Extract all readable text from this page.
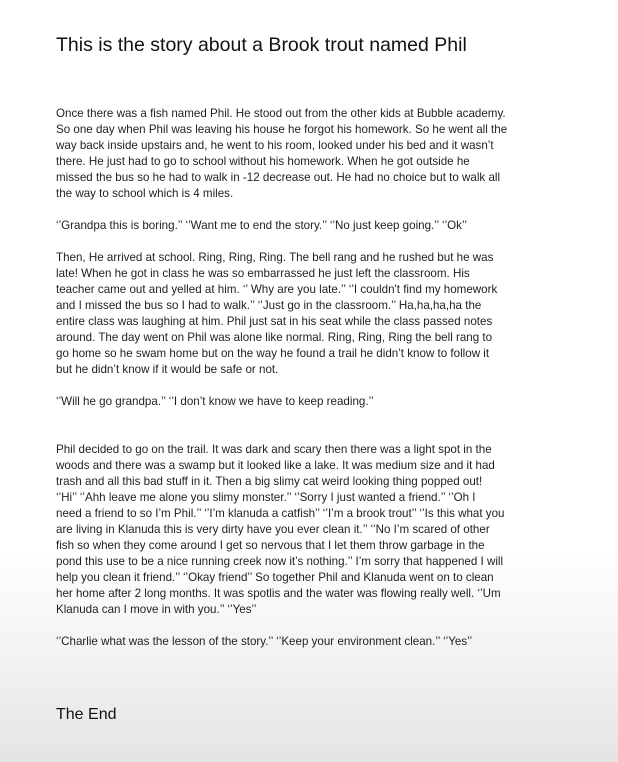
This is the story about a Brook trout named Phil

Once there was a fish named Phil. He stood out from the other kids at Bubble academy.
So one day when Phil was leaving his house he forgot his homework. So he went all the
way back inside upstairs and, he went to his room, looked under his bed and it wasn’t
there. He just had to go to school without his homework. When he got outside he
missed the bus so he had to walk in -12 decrease out. He had no choice but to walk all
the way to school which is 4 miles.

‘’Grandpa this is boring.’’ ‘’Want me to end the story.’’ ‘’No just keep going.’’ ‘’Ok’’

Then, He arrived at school. Ring, Ring, Ring. The bell rang and he rushed but he was
late! When he got in class he was so embarrassed he just left the classroom. His
teacher came out and yelled at him. ‘’ Why are you late.’’ ‘’I couldn't find my homework
and I missed the bus so I had to walk.’’ ‘’Just go in the classroom.’’ Ha,ha,ha,ha the
entire class was laughing at him. Phil just sat in his seat while the class passed notes
around. The day went on Phil was alone like normal. Ring, Ring, Ring the bell rang to
go home so he swam home but on the way he found a trail he didn’t know to follow it
but he didn’t know if it would be safe or not.

‘’Will he go grandpa.’’ ‘’I don’t know we have to keep reading.’’

Phil decided to go on the trail. It was dark and scary then there was a light spot in the
woods and there was a swamp but it looked like a lake. It was medium size and it had
trash and all this bad stuff in it. Then a big slimy cat weird looking thing popped out!
‘’Hi’’ ‘’Ahh leave me alone you slimy monster.’’ ‘’Sorry I just wanted a friend.’’ ‘’Oh I
need a friend to so I’m Phil.’’ ‘’I’m klanuda a catfish’’ ‘’I’m a brook trout’’ ‘’Is this what you
are living in Klanuda this is very dirty have you ever clean it.’’ ‘’No I’m scared of other
fish so when they come around I get so nervous that I let them throw garbage in the
pond this use to be a nice running creek now it’s nothing.’’ I’m sorry that happened I will
help you clean it friend.’’ ‘’Okay friend’’ So together Phil and Klanuda went on to clean
her home after 2 long months. It was spotlis and the water was flowing really well. ‘’Um
Klanuda can I move in with you.’’ ‘’Yes’’

‘’Charlie what was the lesson of the story.’’ ‘’Keep your environment clean.’’ ‘’Yes’’

The End
